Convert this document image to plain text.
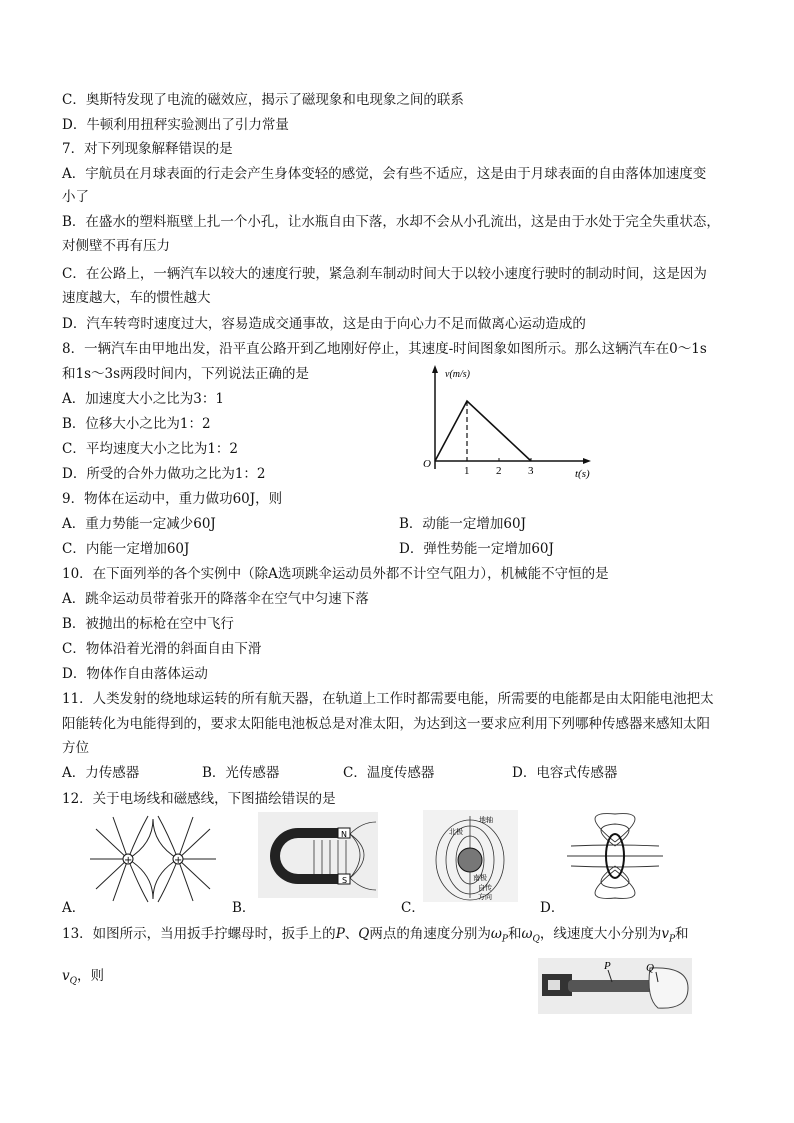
C．奥斯特发现了电流的磁效应，揭示了磁现象和电现象之间的联系
D．牛顿利用扭秤实验测出了引力常量
7．对下列现象解释错误的是
A．宇航员在月球表面的行走会产生身体变轻的感觉，会有些不适应，这是由于月球表面的自由落体加速度变
小了
B．在盛水的塑料瓶壁上扎一个小孔，让水瓶自由下落，水却不会从小孔流出，这是由于水处于完全失重状态，
对侧壁不再有压力
C．在公路上，一辆汽车以较大的速度行驶，紧急刹车制动时间大于以较小速度行驶时的制动时间，这是因为
速度越大，车的惯性越大
D．汽车转弯时速度过大，容易造成交通事故，这是由于向心力不足而做离心运动造成的
8．一辆汽车由甲地出发，沿平直公路开到乙地刚好停止，其速度-时间图象如图所示。那么这辆汽车在0～1s
和1s～3s两段时间内，下列说法正确的是
A．加速度大小之比为3：1
B．位移大小之比为1：2
C．平均速度大小之比为1：2
D．所受的合外力做功之比为1：2
v(m/s)
t(s)
O
1 2 3
9．物体在运动中，重力做功60J，则
A．重力势能一定减少60J	B．动能一定增加60J
C．内能一定增加60J	D．弹性势能一定增加60J
10．在下面列举的各个实例中（除A选项跳伞运动员外都不计空气阻力），机械能不守恒的是
A．跳伞运动员带着张开的降落伞在空气中匀速下落
B．被抛出的标枪在空中飞行
C．物体沿着光滑的斜面自由下滑
D．物体作自由落体运动
11．人类发射的绕地球运转的所有航天器，在轨道上工作时都需要电能，所需要的电能都是由太阳能电池把太
阳能转化为电能得到的，要求太阳能电池板总是对准太阳，为达到这一要求应利用下列哪种传感器来感知太阳
方位
A．力传感器	B．光传感器	C．温度传感器	D．电容式传感器
12．关于电场线和磁感线，下图描绘错误的是
+	+
A．
N
S
B．
地轴
北极
南极
自传
方向
C．	D．
13．如图所示，当用扳手拧螺母时，扳手上的P、Q两点的角速度分别为$\omega_P$和$\omega_Q$，线速度大小分别为$v_P$和
$v_Q$，则
P	Q
